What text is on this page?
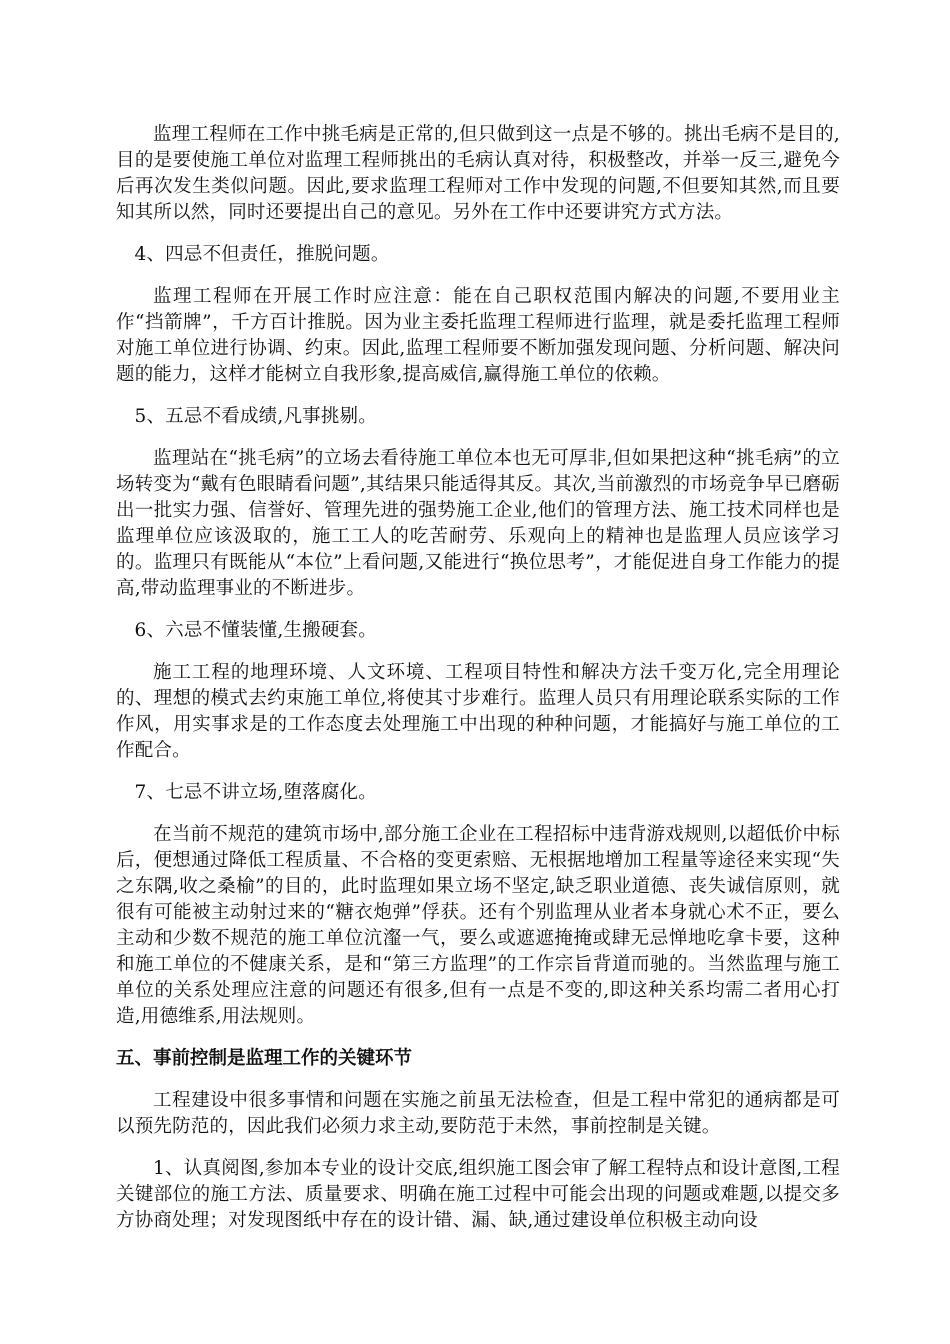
监理工程师在工作中挑毛病是正常的,但只做到这一点是不够的。挑出毛病不是目的,目的是要使施工单位对监理工程师挑出的毛病认真对待，积极整改，并举一反三,避免今后再次发生类似问题。因此,要求监理工程师对工作中发现的问题,不但要知其然,而且要知其所以然，同时还要提出自己的意见。另外在工作中还要讲究方式方法。

4、四忌不但责任，推脱问题。

监理工程师在开展工作时应注意：能在自己职权范围内解决的问题,不要用业主作“挡箭牌”，千方百计推脱。因为业主委托监理工程师进行监理，就是委托监理工程师对施工单位进行协调、约束。因此,监理工程师要不断加强发现问题、分析问题、解决问题的能力，这样才能树立自我形象,提高威信,赢得施工单位的依赖。

5、五忌不看成绩,凡事挑剔。

监理站在“挑毛病”的立场去看待施工单位本也无可厚非,但如果把这种“挑毛病”的立场转变为“戴有色眼睛看问题”,其结果只能适得其反。其次,当前激烈的市场竞争早已磨砺出一批实力强、信誉好、管理先进的强势施工企业,他们的管理方法、施工技术同样也是监理单位应该汲取的，施工工人的吃苦耐劳、乐观向上的精神也是监理人员应该学习的。监理只有既能从“本位”上看问题,又能进行“换位思考”，才能促进自身工作能力的提高,带动监理事业的不断进步。

6、六忌不懂装懂,生搬硬套。

施工工程的地理环境、人文环境、工程项目特性和解决方法千变万化,完全用理论的、理想的模式去约束施工单位,将使其寸步难行。监理人员只有用理论联系实际的工作作风，用实事求是的工作态度去处理施工中出现的种种问题，才能搞好与施工单位的工作配合。

7、七忌不讲立场,堕落腐化。

在当前不规范的建筑市场中,部分施工企业在工程招标中违背游戏规则,以超低价中标后，便想通过降低工程质量、不合格的变更索赔、无根据地增加工程量等途径来实现“失之东隅,收之桑榆”的目的，此时监理如果立场不坚定,缺乏职业道德、丧失诚信原则，就很有可能被主动射过来的“糖衣炮弹”俘获。还有个别监理从业者本身就心术不正，要么主动和少数不规范的施工单位沆瀣一气，要么或遮遮掩掩或肆无忌惮地吃拿卡要，这种和施工单位的不健康关系，是和“第三方监理”的工作宗旨背道而驰的。当然监理与施工单位的关系处理应注意的问题还有很多,但有一点是不变的,即这种关系均需二者用心打造,用德维系,用法规则。

五、事前控制是监理工作的关键环节

工程建设中很多事情和问题在实施之前虽无法检查，但是工程中常犯的通病都是可以预先防范的，因此我们必须力求主动,要防范于未然，事前控制是关键。

1、认真阅图,参加本专业的设计交底,组织施工图会审了解工程特点和设计意图,工程关键部位的施工方法、质量要求、明确在施工过程中可能会出现的问题或难题,以提交多方协商处理；对发现图纸中存在的设计错、漏、缺,通过建设单位积极主动向设
